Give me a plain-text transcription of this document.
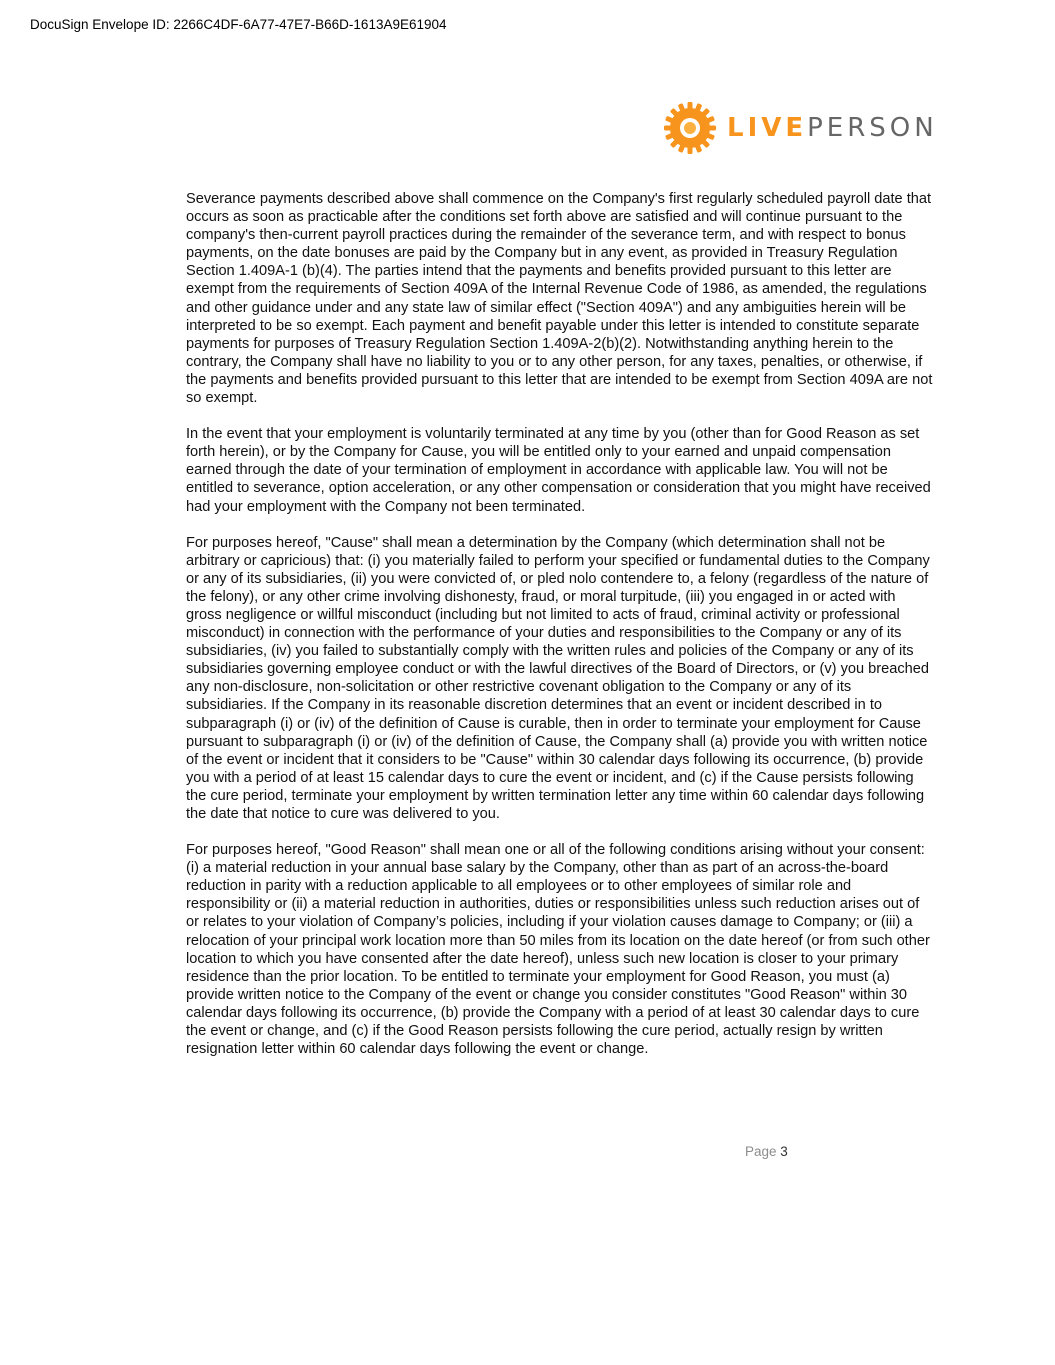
DocuSign Envelope ID: 2266C4DF-6A77-47E7-B66D-1613A9E61904
LIVEPERSON

Severance payments described above shall commence on the Company's first regularly scheduled payroll date that occurs as soon as practicable after the conditions set forth above are satisfied and will continue pursuant to the company's then-current payroll practices during the remainder of the severance term, and with respect to bonus payments, on the date bonuses are paid by the Company but in any event, as provided in Treasury Regulation Section 1.409A-1 (b)(4). The parties intend that the payments and benefits provided pursuant to this letter are exempt from the requirements of Section 409A of the Internal Revenue Code of 1986, as amended, the regulations and other guidance under and any state law of similar effect ("Section 409A") and any ambiguities herein will be interpreted to be so exempt. Each payment and benefit payable under this letter is intended to constitute separate payments for purposes of Treasury Regulation Section 1.409A-2(b)(2). Notwithstanding anything herein to the contrary, the Company shall have no liability to you or to any other person, for any taxes, penalties, or otherwise, if the payments and benefits provided pursuant to this letter that are intended to be exempt from Section 409A are not so exempt.

In the event that your employment is voluntarily terminated at any time by you (other than for Good Reason as set forth herein), or by the Company for Cause, you will be entitled only to your earned and unpaid compensation earned through the date of your termination of employment in accordance with applicable law. You will not be entitled to severance, option acceleration, or any other compensation or consideration that you might have received had your employment with the Company not been terminated.

For purposes hereof, "Cause" shall mean a determination by the Company (which determination shall not be arbitrary or capricious) that: (i) you materially failed to perform your specified or fundamental duties to the Company or any of its subsidiaries, (ii) you were convicted of, or pled nolo contendere to, a felony (regardless of the nature of the felony), or any other crime involving dishonesty, fraud, or moral turpitude, (iii) you engaged in or acted with gross negligence or willful misconduct (including but not limited to acts of fraud, criminal activity or professional misconduct) in connection with the performance of your duties and responsibilities to the Company or any of its subsidiaries, (iv) you failed to substantially comply with the written rules and policies of the Company or any of its subsidiaries governing employee conduct or with the lawful directives of the Board of Directors, or (v) you breached any non-disclosure, non-solicitation or other restrictive covenant obligation to the Company or any of its subsidiaries. If the Company in its reasonable discretion determines that an event or incident described in to subparagraph (i) or (iv) of the definition of Cause is curable, then in order to terminate your employment for Cause pursuant to subparagraph (i) or (iv) of the definition of Cause, the Company shall (a) provide you with written notice of the event or incident that it considers to be "Cause" within 30 calendar days following its occurrence, (b) provide you with a period of at least 15 calendar days to cure the event or incident, and (c) if the Cause persists following the cure period, terminate your employment by written termination letter any time within 60 calendar days following the date that notice to cure was delivered to you.

For purposes hereof, "Good Reason" shall mean one or all of the following conditions arising without your consent: (i) a material reduction in your annual base salary by the Company, other than as part of an across-the-board reduction in parity with a reduction applicable to all employees or to other employees of similar role and responsibility or (ii) a material reduction in authorities, duties or responsibilities unless such reduction arises out of or relates to your violation of Company’s policies, including if your violation causes damage to Company; or (iii) a relocation of your principal work location more than 50 miles from its location on the date hereof (or from such other location to which you have consented after the date hereof), unless such new location is closer to your primary residence than the prior location. To be entitled to terminate your employment for Good Reason, you must (a) provide written notice to the Company of the event or change you consider constitutes "Good Reason" within 30 calendar days following its occurrence, (b) provide the Company with a period of at least 30 calendar days to cure the event or change, and (c) if the Good Reason persists following the cure period, actually resign by written resignation letter within 60 calendar days following the event or change.

Page 3
